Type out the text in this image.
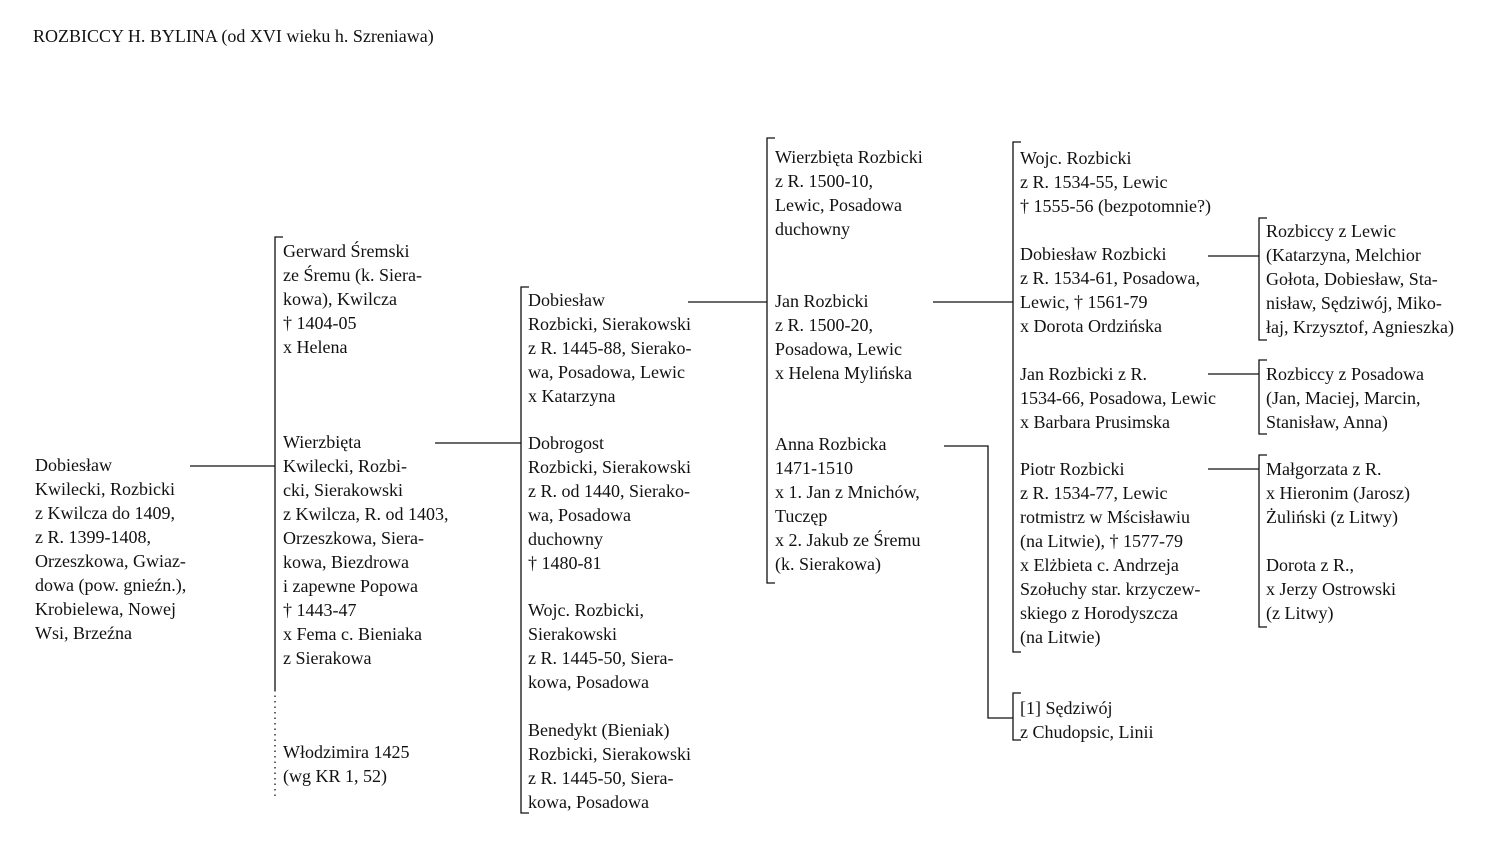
ROZBICCY H. BYLINA (od XVI wieku h. Szreniawa)
Dobiesław
Kwilecki, Rozbicki
z Kwilcza do 1409,
z R. 1399-1408,
Orzeszkowa, Gwiaz-
dowa (pow. gnieźn.),
Krobielewa, Nowej
Wsi, Brzeźna
Gerward Śremski
ze Śremu (k. Siera-
kowa), Kwilcza
† 1404-05
x Helena
Wierzbięta
Kwilecki, Rozbi-
cki, Sierakowski
z Kwilcza, R. od 1403,
Orzeszkowa, Siera-
kowa, Biezdrowa
i zapewne Popowa
† 1443-47
x Fema c. Bieniaka
z Sierakowa
Włodzimira 1425
(wg KR 1, 52)
Dobiesław
Rozbicki, Sierakowski
z R. 1445-88, Sierako-
wa, Posadowa, Lewic
x Katarzyna
Dobrogost
Rozbicki, Sierakowski
z R. od 1440, Sierako-
wa, Posadowa
duchowny
† 1480-81
Wojc. Rozbicki,
Sierakowski
z R. 1445-50, Siera-
kowa, Posadowa
Benedykt (Bieniak)
Rozbicki, Sierakowski
z R. 1445-50, Siera-
kowa, Posadowa
Wierzbięta Rozbicki
z R. 1500-10,
Lewic, Posadowa
duchowny
Jan Rozbicki
z R. 1500-20,
Posadowa, Lewic
x Helena Mylińska
Anna Rozbicka
1471-1510
x 1. Jan z Mnichów,
Tuczęp
x 2. Jakub ze Śremu
(k. Sierakowa)
Wojc. Rozbicki
z R. 1534-55, Lewic
† 1555-56 (bezpotomnie?)
Dobiesław Rozbicki
z R. 1534-61, Posadowa,
Lewic, † 1561-79
x Dorota Ordzińska
Jan Rozbicki z R.
1534-66, Posadowa, Lewic
x Barbara Prusimska
Piotr Rozbicki
z R. 1534-77, Lewic
rotmistrz w Mścisławiu
(na Litwie), † 1577-79
x Elżbieta c. Andrzeja
Szołuchy star. krzyczew-
skiego z Horodyszcza
(na Litwie)
[1] Sędziwój
z Chudopsic, Linii
Rozbiccy z Lewic
(Katarzyna, Melchior
Gołota, Dobiesław, Sta-
nisław, Sędziwój, Miko-
łaj, Krzysztof, Agnieszka)
Rozbiccy z Posadowa
(Jan, Maciej, Marcin,
Stanisław, Anna)
Małgorzata z R.
x Hieronim (Jarosz)
Żuliński (z Litwy)
Dorota z R.,
x Jerzy Ostrowski
(z Litwy)
